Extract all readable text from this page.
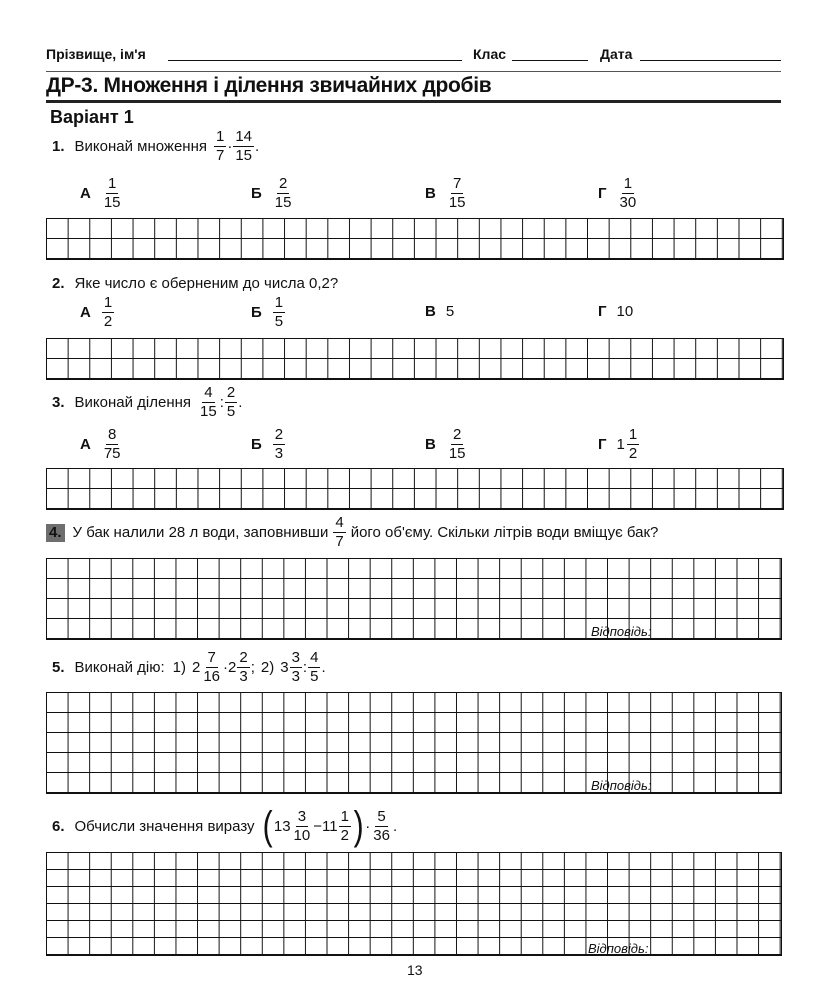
Прізвище, ім'я	Клас	Дата
ДР-3. Множення і ділення звичайних дробів
Варіант 1
1. Виконай множення $\frac{1}{7} \cdot \frac{14}{15}$ .
А $\frac{1}{15}$	Б $\frac{2}{15}$	В $\frac{7}{15}$	Г $\frac{1}{30}$
2. Яке число є оберненим до числа 0,2?
А $\frac{1}{2}$	Б $\frac{1}{5}$	В 5	Г 10
3. Виконай ділення $\frac{4}{15}$ : $\frac{2}{5}$ .
А $\frac{8}{75}$	Б $\frac{2}{3}$	В $\frac{2}{15}$	Г $1 \frac{1}{2}$
4. У бак налили 28 л води, заповнивши $\frac{4}{7}$ його об'єму. Скільки літрів води вміщує бак?
Відповідь:
5. Виконай дію: 1) $2 \frac{7}{16} \cdot 2 \frac{2}{3}$ ; 2) $3 \frac{3}{3}$ : $\frac{4}{5}$ .
Відповідь:
6. Обчисли значення виразу ( $13 \frac{3}{10} - 11 \frac{1}{2}$ ) · $\frac{5}{36}$ .
Відповідь:
13
